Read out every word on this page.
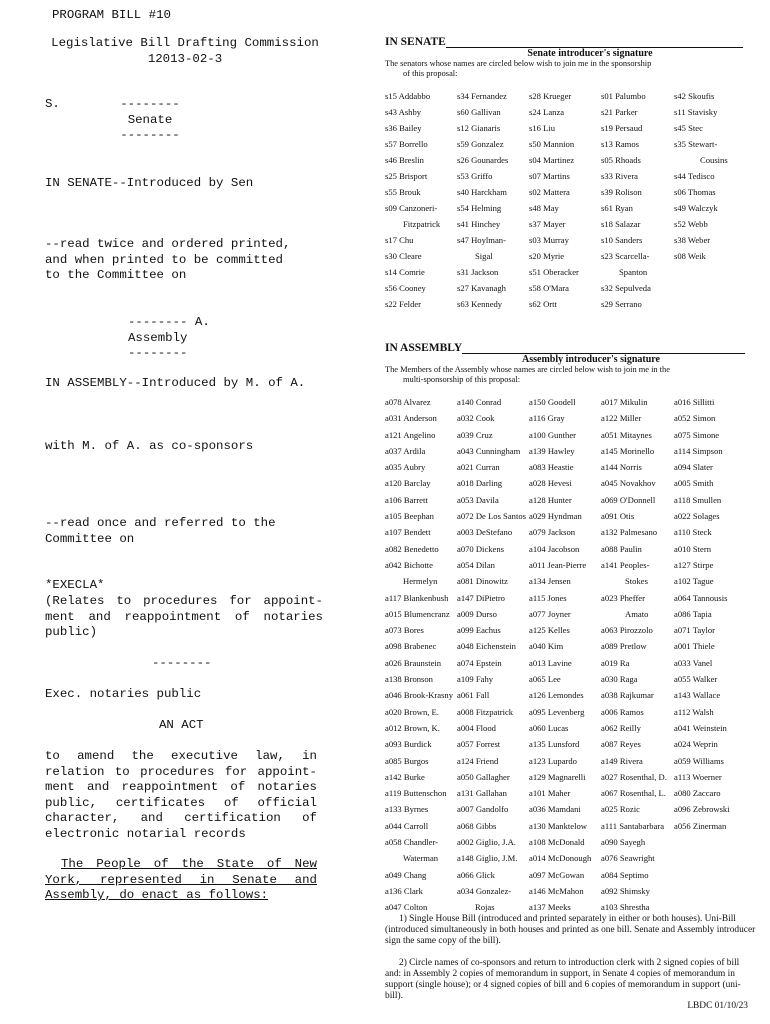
PROGRAM BILL #10
Legislative Bill Drafting Commission
12013-02-3
S.	--------
Senate
--------
IN SENATE--Introduced by Sen
--read twice and ordered printed,
and when printed to be committed
to the Committee on
-------- A.
Assembly
--------
IN ASSEMBLY--Introduced by M. of A.
with M. of A. as co-sponsors
--read once and referred to the
Committee on
*EXECLA*
(Relates to procedures for appoint-
ment and reappointment of notaries
public)
--------
Exec. notaries public
AN ACT
to amend the executive law, in
relation to procedures for appoint-
ment and reappointment of notaries
public, certificates of official
character, and certification of
electronic notarial records
The People of the State of New
York, represented in Senate and
Assembly, do enact as follows:
IN SENATE
Senate introducer's signature
The senators whose names are circled below wish to join me in the sponsorship
of this proposal:
s15 Addabbo
s43 Ashby
s36 Bailey
s57 Borrello
s46 Breslin
s25 Brisport
s55 Brouk
s09 Canzoneri-
Fitzpatrick
s17 Chu
s30 Cleare
s14 Comrie
s56 Cooney
s22 Felder
s34 Fernandez
s60 Gallivan
s12 Gianaris
s59 Gonzalez
s26 Gounardes
s53 Griffo
s40 Harckham
s54 Helming
s41 Hinchey
s47 Hoylman-
Sigal
s31 Jackson
s27 Kavanagh
s63 Kennedy
s28 Krueger
s24 Lanza
s16 Liu
s50 Mannion
s04 Martinez
s07 Martins
s02 Mattera
s48 May
s37 Mayer
s03 Murray
s20 Myrie
s51 Oberacker
s58 O'Mara
s62 Ortt
s01 Palumbo
s21 Parker
s19 Persaud
s13 Ramos
s05 Rhoads
s33 Rivera
s39 Rolison
s61 Ryan
s18 Salazar
s10 Sanders
s23 Scarcella-
Spanton
s32 Sepulveda
s29 Serrano
s42 Skoufis
s11 Stavisky
s45 Stec
s35 Stewart-
Cousins
s44 Tedisco
s06 Thomas
s49 Walczyk
s52 Webb
s38 Weber
s08 Weik
IN ASSEMBLY
Assembly introducer's signature
The Members of the Assembly whose names are circled below wish to join me in the
multi-sponsorship of this proposal:
a078 Alvarez
a031 Anderson
a121 Angelino
a037 Ardila
a035 Aubry
a120 Barclay
a106 Barrett
a105 Beephan
a107 Bendett
a082 Benedetto
a042 Bichotte
Hermelyn
a117 Blankenbush
a015 Blumencranz
a073 Bores
a098 Brabenec
a026 Braunstein
a138 Bronson
a046 Brook-Krasny
a020 Brown, E.
a012 Brown, K.
a093 Burdick
a085 Burgos
a142 Burke
a119 Buttenschon
a133 Byrnes
a044 Carroll
a058 Chandler-
Waterman
a049 Chang
a136 Clark
a047 Colton
a140 Conrad
a032 Cook
a039 Cruz
a043 Cunningham
a021 Curran
a018 Darling
a053 Davila
a072 De Los Santos
a003 DeStefano
a070 Dickens
a054 Dilan
a081 Dinowitz
a147 DiPietro
a009 Durso
a099 Eachus
a048 Eichenstein
a074 Epstein
a109 Fahy
a061 Fall
a008 Fitzpatrick
a004 Flood
a057 Forrest
a124 Friend
a050 Gallagher
a131 Gallahan
a007 Gandolfo
a068 Gibbs
a002 Giglio, J.A.
a148 Giglio, J.M.
a066 Glick
a034 Gonzalez-
Rojas
a150 Goodell
a116 Gray
a100 Gunther
a139 Hawley
a083 Heastie
a028 Hevesi
a128 Hunter
a029 Hyndman
a079 Jackson
a104 Jacobson
a011 Jean-Pierre
a134 Jensen
a115 Jones
a077 Joyner
a125 Kelles
a040 Kim
a013 Lavine
a065 Lee
a126 Lemondes
a095 Levenberg
a060 Lucas
a135 Lunsford
a123 Lupardo
a129 Magnarelli
a101 Maher
a036 Mamdani
a130 Manktelow
a108 McDonald
a014 McDonough
a097 McGowan
a146 McMahon
a137 Meeks
a017 Mikulin
a122 Miller
a051 Mitaynes
a145 Morinello
a144 Norris
a045 Novakhov
a069 O'Donnell
a091 Otis
a132 Palmesano
a088 Paulin
a141 Peoples-
Stokes
a023 Pheffer
Amato
a063 Pirozzolo
a089 Pretlow
a019 Ra
a030 Raga
a038 Rajkumar
a006 Ramos
a062 Reilly
a087 Reyes
a149 Rivera
a027 Rosenthal, D.
a067 Rosenthal, L.
a025 Rozic
a111 Santabarbara
a090 Sayegh
a076 Seawright
a084 Septimo
a092 Shimsky
a103 Shrestha
a016 Sillitti
a052 Simon
a075 Simone
a114 Simpson
a094 Slater
a005 Smith
a118 Smullen
a022 Solages
a110 Steck
a010 Stern
a127 Stirpe
a102 Tague
a064 Tannousis
a086 Tapia
a071 Taylor
a001 Thiele
a033 Vanel
a055 Walker
a143 Wallace
a112 Walsh
a041 Weinstein
a024 Weprin
a059 Williams
a113 Woerner
a080 Zaccaro
a096 Zebrowski
a056 Zinerman
1) Single House Bill (introduced and printed separately in either or both houses). Uni-Bill (introduced simultaneously in both houses and printed as one bill. Senate and Assembly introducer sign the same copy of the bill).
2) Circle names of co-sponsors and return to introduction clerk with 2 signed copies of bill and: in Assembly 2 copies of memorandum in support, in Senate 4 copies of memorandum in support (single house); or 4 signed copies of bill and 6 copies of memorandum in support (uni-bill).
LBDC 01/10/23
